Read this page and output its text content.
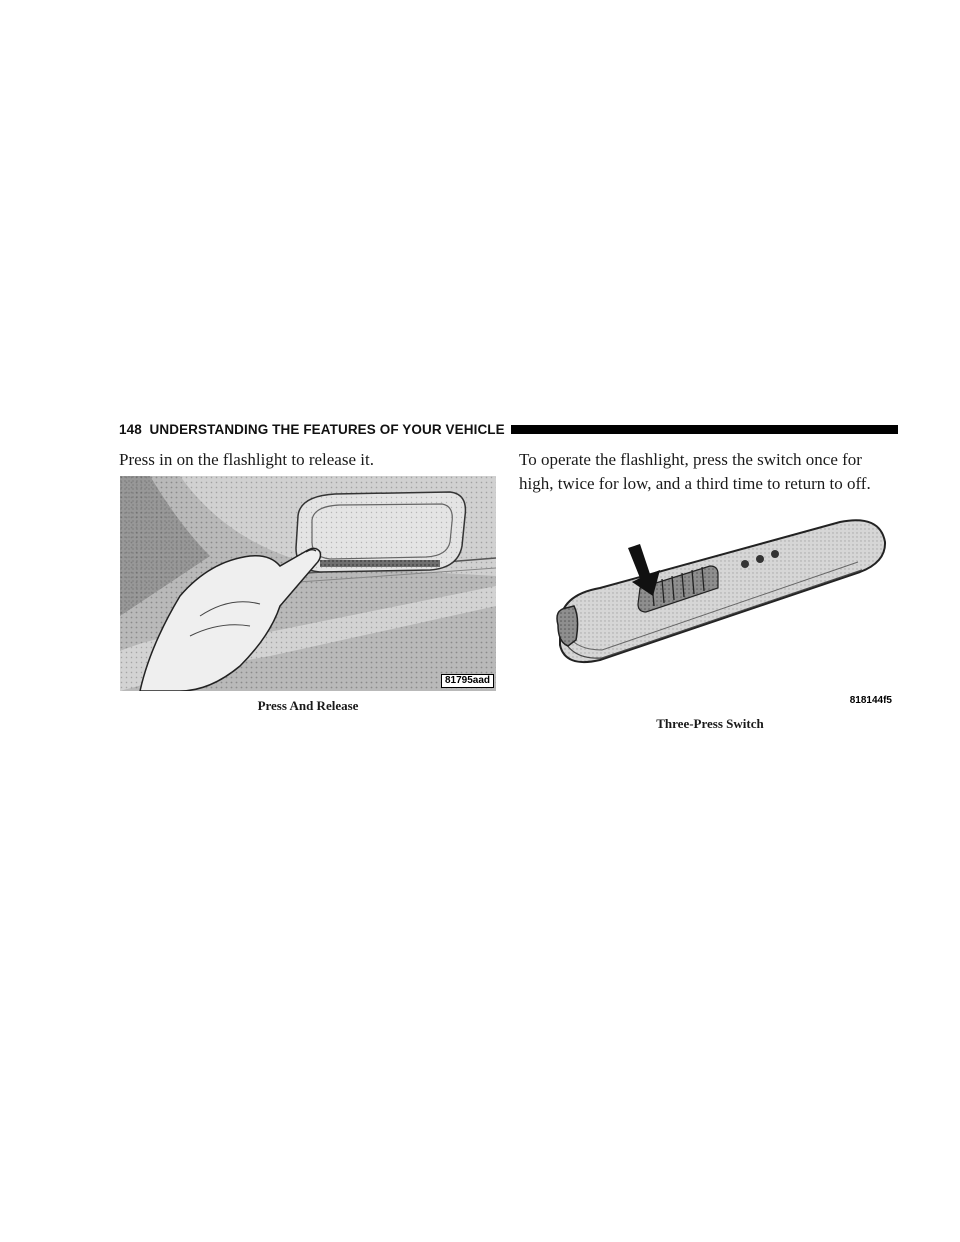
148 UNDERSTANDING THE FEATURES OF YOUR VEHICLE

Press in on the flashlight to release it.	To operate the flashlight, press the switch once for high, twice for low, and a third time to return to off.

81795aad
Press And Release	818144f5
Three-Press Switch
